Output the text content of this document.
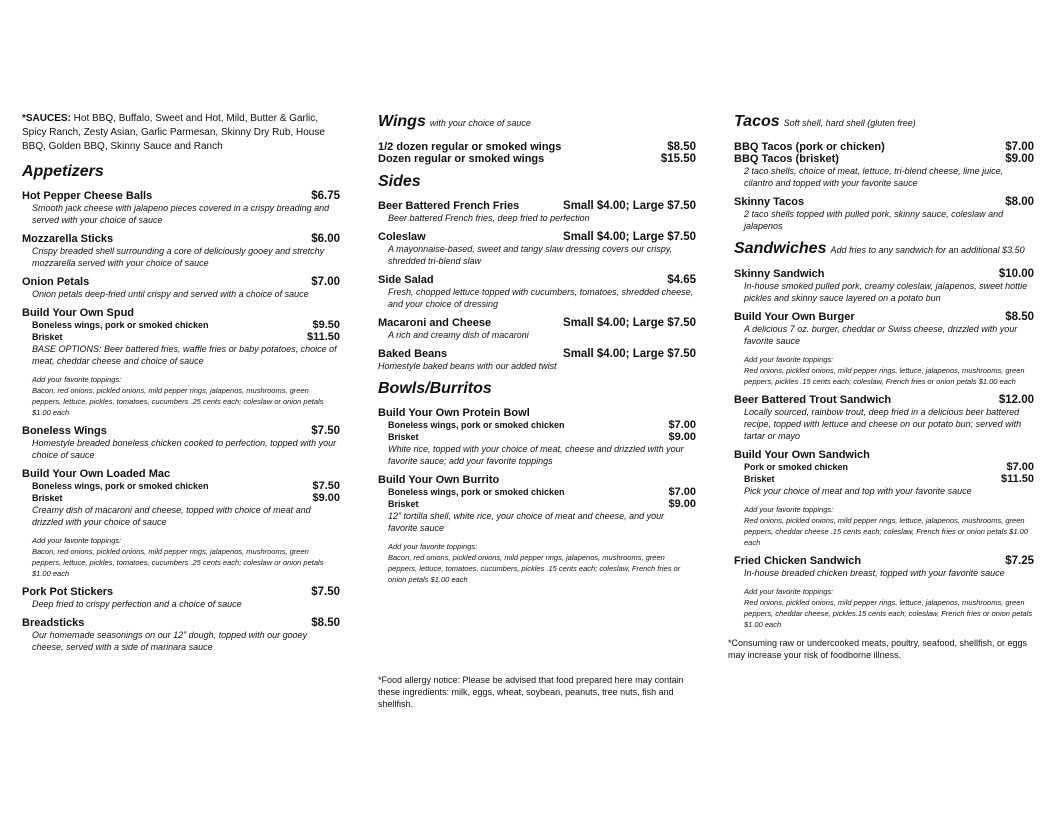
*SAUCES: Hot BBQ, Buffalo, Sweet and Hot, Mild, Butter & Garlic, Spicy Ranch, Zesty Asian, Garlic Parmesan, Skinny Dry Rub, House BBQ, Golden BBQ, Skinny Sauce and Ranch
Appetizers
Hot Pepper Cheese Balls	$6.75
Smooth jack cheese with jalapeno pieces covered in a crispy breading and served with your choice of sauce
Mozzarella Sticks	$6.00
Crispy breaded shell surrounding a core of deliciously gooey and stretchy mozzarella served with your choice of sauce
Onion Petals	$7.00
Onion petals deep-fried until crispy and served with a choice of sauce
Build Your Own Spud
Boneless wings, pork or smoked chicken	$9.50
Brisket	$11.50
BASE OPTIONS: Beer battered fries, waffle fries or baby potatoes, choice of meat, cheddar cheese and choice of sauce
Add your favorite toppings:
Bacon, red onions, pickled onions, mild pepper rings, jalapenos, mushrooms, green peppers, lettuce, pickles, tomatoes, cucumbers .25 cents each; coleslaw or onion petals $1.00 each
Boneless Wings	$7.50
Homestyle breaded boneless chicken cooked to perfection, topped with your choice of sauce
Build Your Own Loaded Mac
Boneless wings, pork or smoked chicken	$7.50
Brisket	$9.00
Creamy dish of macaroni and cheese, topped with choice of meat and drizzled with your choice of sauce
Add your favorite toppings:
Bacon, red onions, pickled onions, mild pepper rings, jalapenos, mushrooms, green peppers, lettuce, pickles, tomatoes, cucumbers .25 cents each; coleslaw or onion petals $1.00 each
Pork Pot Stickers	$7.50
Deep fried to crispy perfection and a choice of sauce
Breadsticks	$8.50
Our homemade seasonings on our 12” dough, topped with our gooey cheese, served with a side of marinara sauce
Wings with your choice of sauce
1/2 dozen regular or smoked wings	$8.50
Dozen regular or smoked wings	$15.50
Sides
Beer Battered French Fries	Small $4.00; Large $7.50
Beer battered French fries, deep fried to perfection
Coleslaw	Small $4.00; Large $7.50
A mayonnaise-based, sweet and tangy slaw dressing covers our crispy, shredded tri-blend slaw
Side Salad	$4.65
Fresh, chopped lettuce topped with cucumbers, tomatoes, shredded cheese, and your choice of dressing
Macaroni and Cheese	Small $4.00; Large $7.50
A rich and creamy dish of macaroni
Baked Beans	Small $4.00; Large $7.50
Homestyle baked beans with our added twist
Bowls/Burritos
Build Your Own Protein Bowl
Boneless wings, pork or smoked chicken	$7.00
Brisket	$9.00
White rice, topped with your choice of meat, cheese and drizzled with your favorite sauce; add your favorite toppings
Build Your Own Burrito
Boneless wings, pork or smoked chicken	$7.00
Brisket	$9.00
12” tortilla shell, white rice, your choice of meat and cheese, and your favorite sauce
Add your favorite toppings:
Bacon, red onions, pickled onions, mild pepper rings, jalapenos, mushrooms, green peppers, lettuce, tomatoes, cucumbers, pickles .15 cents each; coleslaw, French fries or onion petals $1.00 each
*Food allergy notice: Please be advised that food prepared here may contain these ingredients: milk, eggs, wheat, soybean, peanuts, tree nuts, fish and shellfish.
Tacos Soft shell, hard shell (gluten free)
BBQ Tacos (pork or chicken)	$7.00
BBQ Tacos (brisket)	$9.00
2 taco shells, choice of meat, lettuce, tri-blend cheese, lime juice, cilantro and topped with your favorite sauce
Skinny Tacos	$8.00
2 taco shells topped with pulled pork, skinny sauce, coleslaw and jalapenos
Sandwiches Add fries to any sandwich for an additional $3.50
Skinny Sandwich	$10.00
In-house smoked pulled pork, creamy coleslaw, jalapenos, sweet hottie pickles and skinny sauce layered on a potato bun
Build Your Own Burger	$8.50
A delicious 7 oz. burger, cheddar or Swiss cheese, drizzled with your favorite sauce
Add your favorite toppings:
Red onions, pickled onions, mild pepper rings, lettuce, jalapenos, mushrooms, green peppers, pickles .15 cents each; coleslaw, French fries or onion petals $1.00 each
Beer Battered Trout Sandwich	$12.00
Locally sourced, rainbow trout, deep fried in a delicious beer battered recipe, topped with lettuce and cheese on our potato bun; served with tartar or mayo
Build Your Own Sandwich
Pork or smoked chicken	$7.00
Brisket	$11.50
Pick your choice of meat and top with your favorite sauce
Add your favorite toppings:
Red onions, pickled onions, mild pepper rings, lettuce, jalapenos, mushrooms, green peppers, cheddar cheese .15 cents each; coleslaw, French fries or onion petals $1.00 each
Fried Chicken Sandwich	$7.25
In-house breaded chicken breast, topped with your favorite sauce
Add your favorite toppings:
Red onions, pickled onions, mild pepper rings, lettuce, jalapenos, mushrooms, green peppers, cheddar cheese, pickles.15 cents each; coleslaw, French fries or onion petals $1.00 each
*Consuming raw or undercooked meats, poultry, seafood, shellfish, or eggs may increase your risk of foodborne illness.
